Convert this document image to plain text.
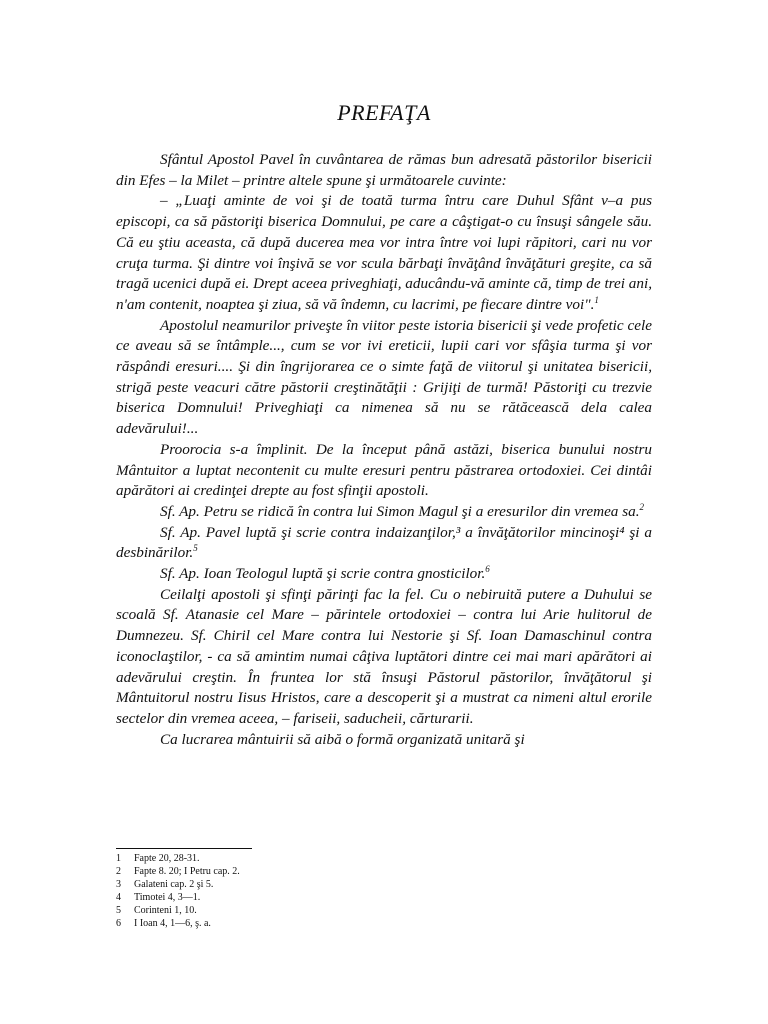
PREFAŢA

Sfântul Apostol Pavel în cuvântarea de rămas bun adresată păstorilor bisericii din Efes – la Milet – printre altele spune şi următoarele cuvinte:

– „Luaţi aminte de voi şi de toată turma întru care Duhul Sfânt v–a pus episcopi, ca să păstoriţi biserica Domnului, pe care a câştigat-o cu însuşi sângele său. Că eu ştiu aceasta, că după ducerea mea vor intra între voi lupi răpitori, cari nu vor cruţa turma. Şi dintre voi înşivă se vor scula bărbaţi învăţând învăţături greşite, ca să tragă ucenici după ei. Drept aceea priveghiaţi, aducându-vă aminte că, timp de trei ani, n'am contenit, noaptea şi ziua, să vă îndemn, cu lacrimi, pe fiecare dintre voi".$^1$

Apostolul neamurilor priveşte în viitor peste istoria bisericii şi vede profetic cele ce aveau să se întâmple..., cum se vor ivi ereticii, lupii cari vor sfâşia turma şi vor răspândi eresuri.... Şi din îngrijorarea ce o simte faţă de viitorul şi unitatea bisericii, strigă peste veacuri către păstorii creştinătăţii : Grijiţi de turmă! Păstoriţi cu trezvie biserica Domnului! Priveghiaţi ca nimenea să nu se rătăcească dela calea adevărului!...

Proorocia s-a împlinit. De la început până astăzi, biserica bunului nostru Mântuitor a luptat necontenit cu multe eresuri pentru păstrarea ortodoxiei. Cei dintâi apărători ai credinţei drepte au fost sfinţii apostoli.

Sf. Ap. Petru se ridică în contra lui Simon Magul şi a eresurilor din vremea sa.$^2$

Sf. Ap. Pavel luptă şi scrie contra indaizanţilor,³ a învăţătorilor mincinoşi⁴ şi a desbinărilor.$^5$

Sf. Ap. Ioan Teologul luptă şi scrie contra gnosticilor.$^6$

Ceilalţi apostoli şi sfinţi părinţi fac la fel. Cu o nebiruită putere a Duhului se scoală Sf. Atanasie cel Mare – părintele ortodoxiei – contra lui Arie hulitorul de Dumnezeu. Sf. Chiril cel Mare contra lui Nestorie şi Sf. Ioan Damaschinul contra iconoclaştilor, - ca să amintim numai câţiva luptători dintre cei mai mari apărători ai adevărului creştin. În fruntea lor stă însuşi Păstorul păstorilor, învăţătorul şi Mântuitorul nostru Iisus Hristos, care a descoperit şi a mustrat ca nimeni altul erorile sectelor din vremea aceea, – fariseii, saducheii, cărturarii.

Ca lucrarea mântuirii să aibă o formă organizată unitară şi

1	Fapte 20, 28-31.
2	Fapte 8. 20; I Petru cap. 2.
3	Galateni cap. 2 şi 5.
4	Timotei 4, 3—1.
5	Corinteni 1, 10.
6	I Ioan 4, 1—6, ş. a.
